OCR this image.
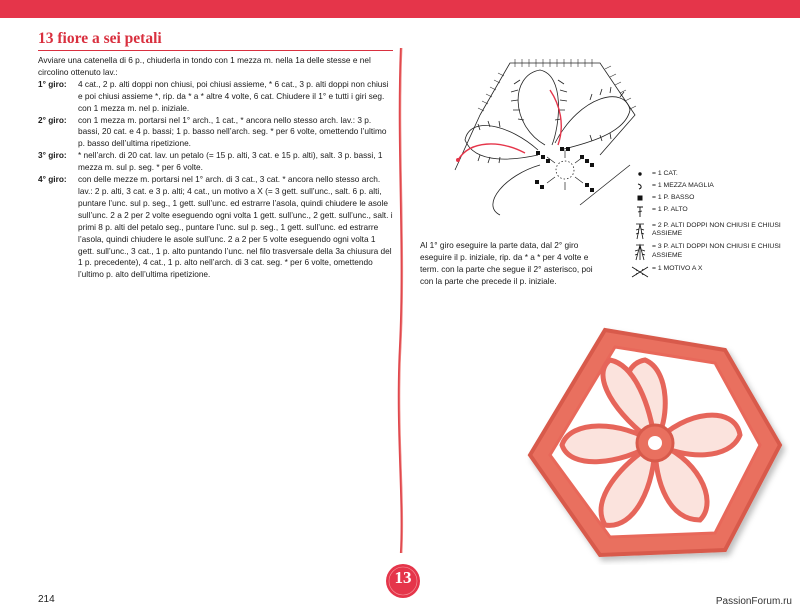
13 fiore a sei petali

Avviare una catenella di 6 p., chiuderla in tondo con 1 mezza m. nella 1a delle stesse e nel circolino ottenuto lav.:

1° giro:	4 cat., 2 p. alti doppi non chiusi, poi chiusi assieme, * 6 cat., 3 p. alti doppi non chiusi e poi chiusi assieme *, rip. da * a * altre 4 volte, 6 cat. Chiudere il 1° e tutti i giri seg. con 1 mezza m. nel p. iniziale.
2° giro:	con 1 mezza m. portarsi nel 1° arch., 1 cat., * ancora nello stesso arch. lav.: 3 p. bassi, 20 cat. e 4 p. bassi; 1 p. basso nell’arch. seg. * per 6 volte, omettendo l’ultimo p. basso dell’ultima ripetizione.
3° giro:	* nell’arch. di 20 cat. lav. un petalo (= 15 p. alti, 3 cat. e 15 p. alti), salt. 3 p. bassi, 1 mezza m. sul p. seg. * per 6 volte.
4° giro:	con delle mezze m. portarsi nel 1° arch. di 3 cat., 3 cat. * ancora nello stesso arch. lav.: 2 p. alti, 3 cat. e 3 p. alti; 4 cat., un motivo a X (= 3 gett. sull’unc., salt. 6 p. alti, puntare l’unc. sul p. seg., 1 gett. sull’unc. ed estrarre l’asola, quindi chiudere le asole sull’unc. 2 a 2 per 2 volte eseguendo ogni volta 1 gett. sull’unc., 2 gett. sull’unc., salt. i primi 8 p. alti del petalo seg., puntare l’unc. sul p. seg., 1 gett. sull’unc. ed estrarre l’asola, quindi chiudere le asole sull’unc. 2 a 2 per 5 volte eseguendo ogni volta 1 gett. sull’unc., 3 cat., 1 p. alto puntando l’unc. nel filo trasversale della 3a chiusura del 1 p. precedente), 4 cat., 1 p. alto nell’arch. di 3 cat. seg. * per 6 volte, omettendo l’ultimo p. alto dell’ultima ripetizione.
= 1 CAT.
= 1 MEZZA MAGLIA
= 1 P. BASSO
= 1 P. ALTO
= 2 P. ALTI DOPPI NON CHIUSI E CHIUSI ASSIEME
= 3 P. ALTI DOPPI NON CHIUSI E CHIUSI ASSIEME
= 1 MOTIVO A X
Al 1° giro eseguire la parte data, dal 2° giro eseguire il p. iniziale, rip. da * a * per 4 volte e term. con la parte che segue il 2° asterisco, poi con la parte che precede il p. iniziale.
13
214	PassionForum.ru
